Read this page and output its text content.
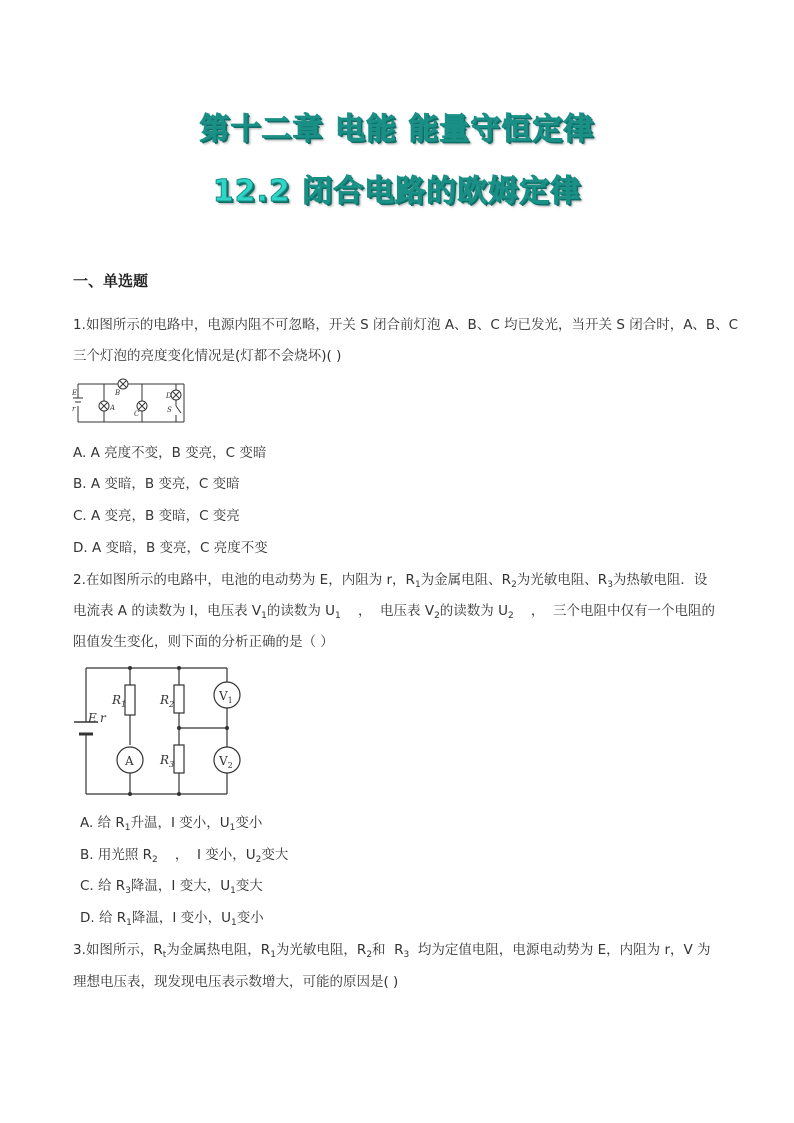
第十二章 电能 能量守恒定律
12.2 闭合电路的欧姆定律
一、单选题
1.如图所示的电路中，电源内阻不可忽略，开关 S 闭合前灯泡 A、B、C 均已发光，当开关 S 闭合时，A、B、C
三个灯泡的亮度变化情况是(灯都不会烧坏)( )
E
r	A
B
C
D
S
A. A 亮度不变，B 变亮，C 变暗
B. A 变暗，B 变亮，C 变暗
C. A 变亮，B 变暗，C 变亮
D. A 变暗，B 变亮，C 亮度不变
2.在如图所示的电路中，电池的电动势为 E，内阻为 r，$R_1$为金属电阻、$R_2$为光敏电阻、$R_3$为热敏电阻．设
电流表 A 的读数为 I，电压表 $V_1$的读数为 $U_1$    ，  电压表 $V_2$的读数为 $U_2$    ，  三个电阻中仅有一个电阻的
阻值发生变化，则下面的分析正确的是（ ）
$R_1$	$R_2$
$R_3$
A
$V_1$
$V_2$
E r
A. 给 $R_1$升温，I 变小，$U_1$变小
B. 用光照 $R_2$    ，  I 变小，$U_2$变大
C. 给 $R_3$降温，I 变大，$U_1$变大
D. 给 $R_1$降温，I 变小，$U_1$变小
3.如图所示，$R_t$为金属热电阻，$R_1$为光敏电阻，$R_2$和  $R_3$  均为定值电阻，电源电动势为 E，内阻为 r，V 为
理想电压表，现发现电压表示数增大，可能的原因是( )
